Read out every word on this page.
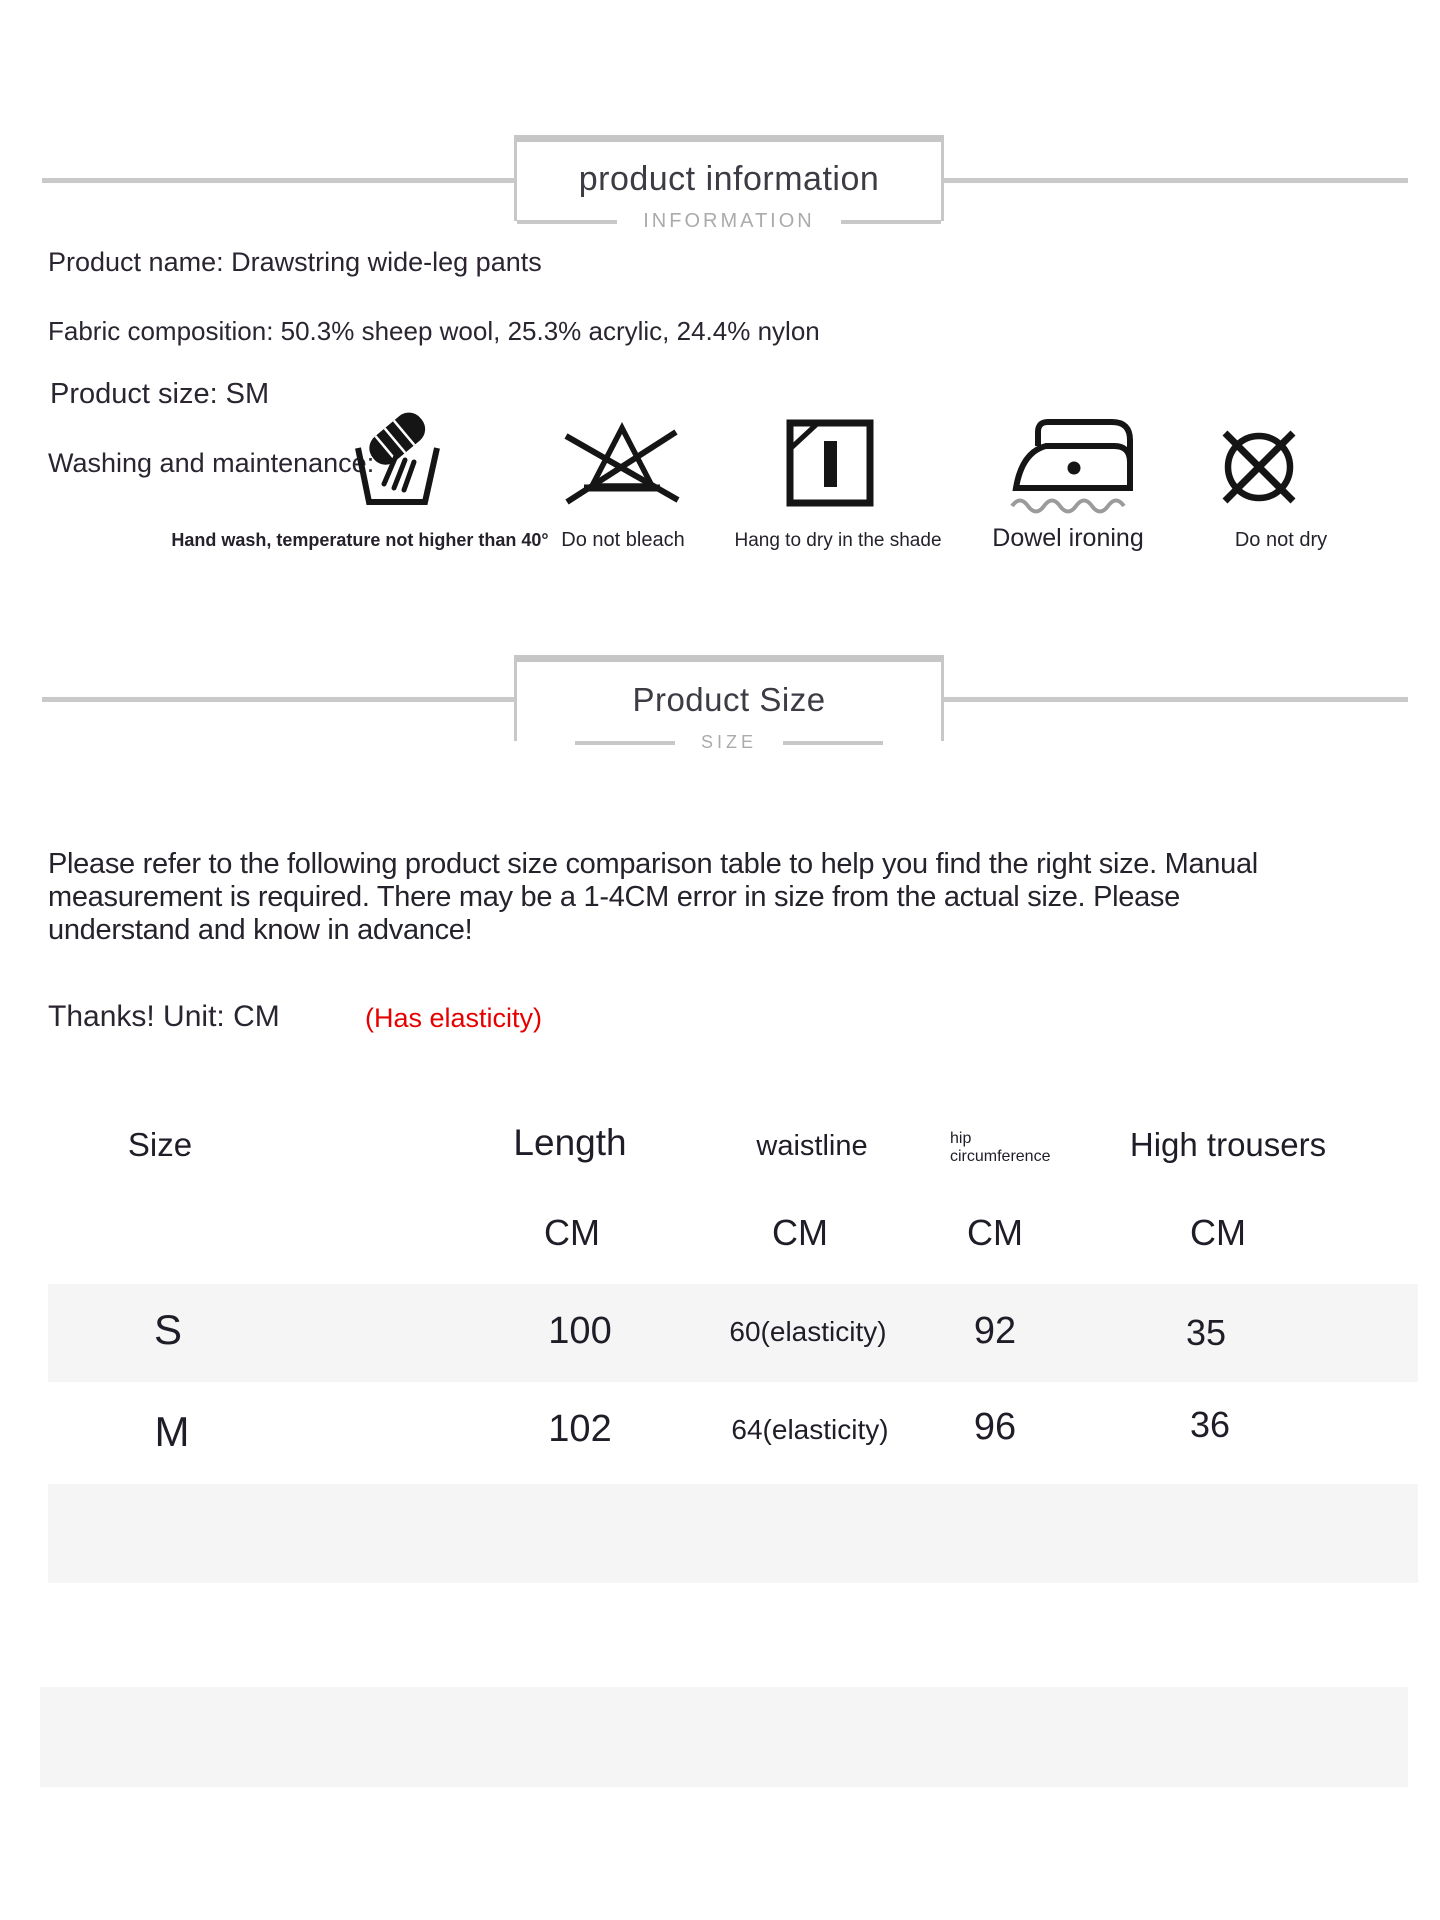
product information
INFORMATION
Product name: Drawstring wide-leg pants
Fabric composition: 50.3% sheep wool, 25.3% acrylic, 24.4% nylon
Product size: SM
Washing and maintenance:
Hand wash, temperature not higher than 40° Do not bleach	Hang to dry in the shade Dowel ironing	Do not dry
Product Size
SIZE
Please refer to the following product size comparison table to help you find the right size. Manual measurement is required. There may be a 1-4CM error in size from the actual size. Please understand and know in advance!
Thanks! Unit: CM	(Has elasticity)
Size	Length	waistline	hip circumference	High trousers
CM	CM	CM	CM
S	100	60(elasticity) 92	35
M	102	64(elasticity) 96	36
